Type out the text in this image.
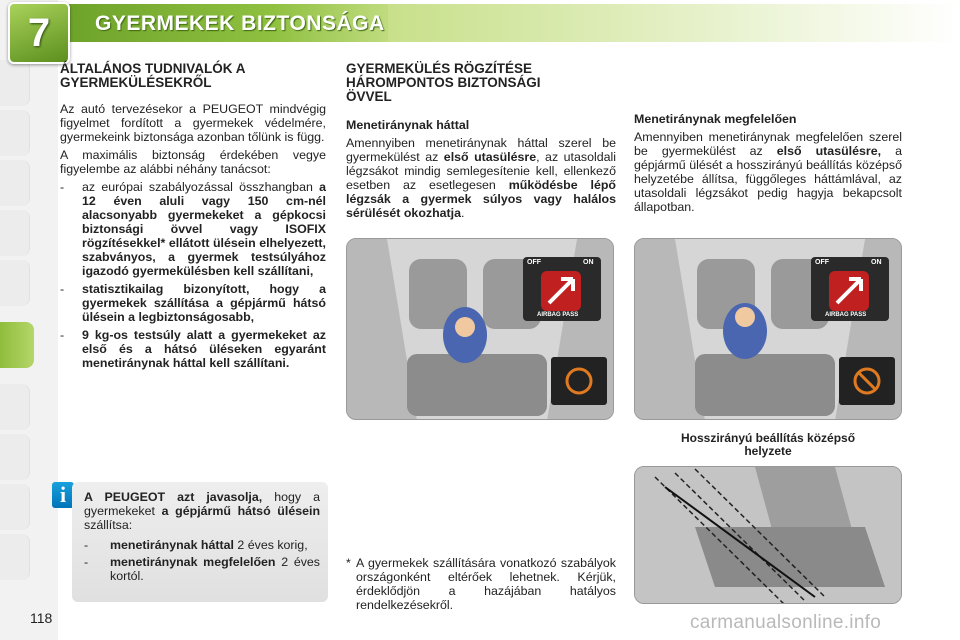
7 GYERMEKEK BIZTONSÁGA
ÁLTALÁNOS TUDNIVALÓK A
GYERMEKÜLÉSEKRŐL

Az autó tervezésekor a PEUGEOT mindvégig figyelmet fordított a gyermekek védelmére, gyermekeink biztonsága azonban tőlünk is függ.

A maximális biztonság érdekében vegye figyelembe az alábbi néhány tanácsot:

- az európai szabályozással összhangban a 12 éven aluli vagy 150 cm-nél alacsonyabb gyermekeket a gépkocsi biztonsági övvel vagy ISOFIX rögzítésekkel* ellátott ülésein elhelyezett, szabványos, a gyermek testsúlyához igazodó gyermekülésben kell szállítani,
- statisztikailag bizonyított, hogy a gyermekek szállítása a gépjármű hátsó ülésein a legbiztonságosabb,
- 9 kg-os testsúly alatt a gyermekeket az első és a hátsó üléseken egyaránt menetiránynak háttal kell szállítani.
i	A PEUGEOT azt javasolja, hogy a gyermekeket a gépjármű hátsó ülésein szállítsa:

- menetiránynak háttal 2 éves korig,
- menetiránynak megfelelően 2 éves kortól.
GYERMEKÜLÉS RÖGZÍTÉSE
HÁROMPONTOS BIZTONSÁGI
ÖVVEL
Menetiránynak háttal

Amennyiben menetiránynak háttal szerel be gyermekülést az első utasülésre, az utasoldali légzsákot mindig semlegesítenie kell, ellenkező esetben az esetlegesen működésbe lépő légzsák a gyermek súlyos vagy halálos sérülését okozhatja.

Menetiránynak megfelelően

Amennyiben menetiránynak megfelelően szerel be gyermekülést az első utasülésre, a gépjármű ülését a hosszirányú beállítás középső helyzetébe állítsa, függőleges háttámlával, az utasoldali légzsákot pedig hagyja bekapcsolt állapotban.

OFF	ON
AIRBAG PASS
OFF	ON
AIRBAG PASS
Hosszirányú beállítás középső
helyzete
* A gyermekek szállítására vonatkozó szabályok országonként eltérőek lehetnek. Kérjük, érdeklődjön a hazájában hatályos rendelkezésekről.
118	carmanualsonline.info
